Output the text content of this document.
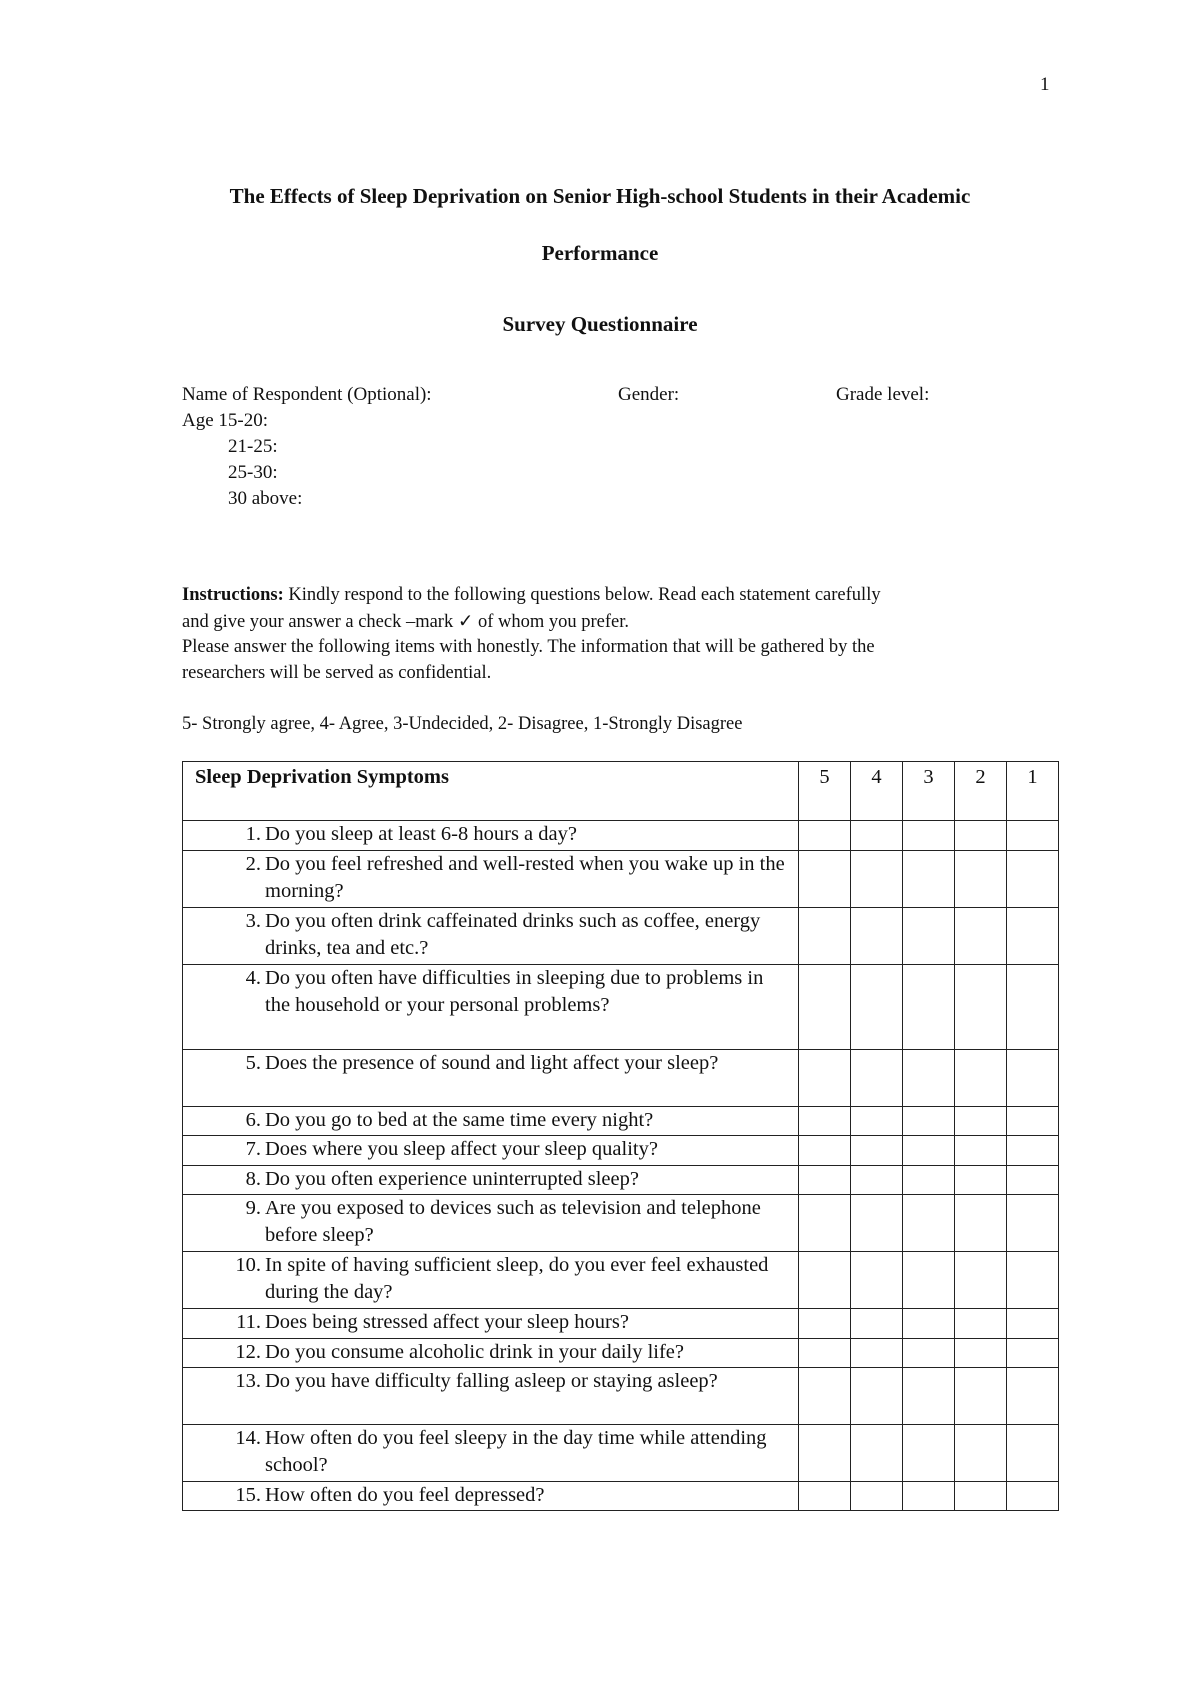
1
The Effects of Sleep Deprivation on Senior High-school Students in their Academic
Performance
Survey Questionnaire
Name of Respondent (Optional):	Gender:	Grade level:
Age 15-20:
21-25:
25-30:
30 above:
Instructions: Kindly respond to the following questions below. Read each statement carefully
and give your answer a check –mark ✓ of whom you prefer.
Please answer the following items with honestly. The information that will be gathered by the
researchers will be served as confidential.
5- Strongly agree, 4- Agree, 3-Undecided, 2- Disagree, 1-Strongly Disagree
Sleep Deprivation Symptoms	5	4	3	2	1

1. Do you sleep at least 6-8 hours a day?					

2. Do you feel refreshed and well-rested when you wake up in the morning?					

3. Do you often drink caffeinated drinks such as coffee, energy drinks, tea and etc.?					

4. Do you often have difficulties in sleeping due to problems in the household or your personal problems?					

5. Does the presence of sound and light affect your sleep?					

6. Do you go to bed at the same time every night?					

7. Does where you sleep affect your sleep quality?					

8. Do you often experience uninterrupted sleep?					

9. Are you exposed to devices such as television and telephone before sleep?					

10. In spite of having sufficient sleep, do you ever feel exhausted during the day?					

11. Does being stressed affect your sleep hours?					

12. Do you consume alcoholic drink in your daily life?					

13. Do you have difficulty falling asleep or staying asleep?					

14. How often do you feel sleepy in the day time while attending school?					

15. How often do you feel depressed?					
